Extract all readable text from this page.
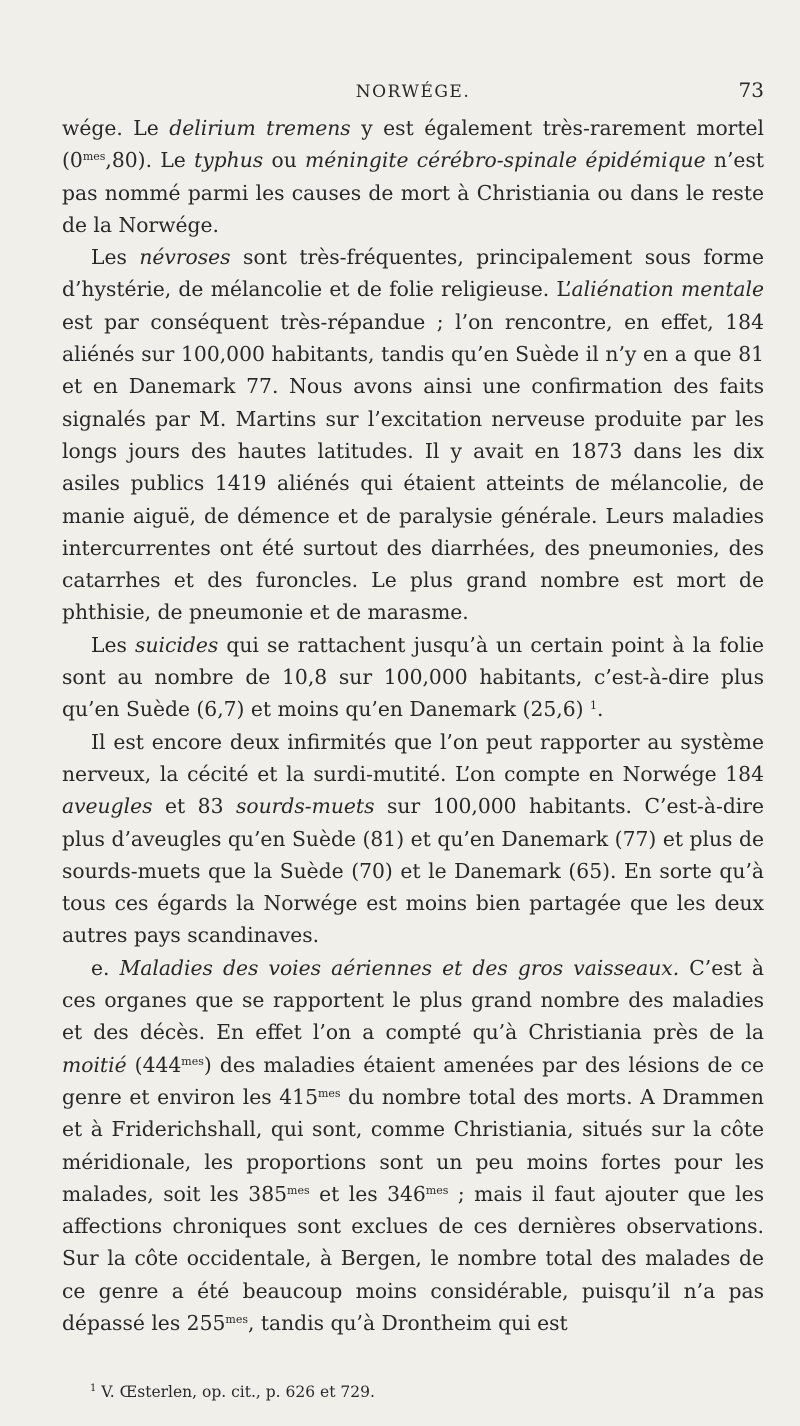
NORWÉGE.	73

wége. Le delirium tremens y est également très-rarement mortel $(0^{mes},80)$. Le typhus ou méningite cérébro-spinale épidémique n’est pas nommé parmi les causes de mort à Christiania ou dans le reste de la Norwége.

Les névroses sont très-fréquentes, principalement sous forme d’hystérie, de mélancolie et de folie religieuse. L’aliénation mentale est par conséquent très-répandue ; l’on rencontre, en effet, 184 aliénés sur 100,000 habitants, tandis qu’en Suède il n’y en a que 81 et en Danemark 77. Nous avons ainsi une confirmation des faits signalés par M. Martins sur l’excitation nerveuse produite par les longs jours des hautes latitudes. Il y avait en 1873 dans les dix asiles publics 1419 aliénés qui étaient atteints de mélancolie, de manie aiguë, de démence et de paralysie générale. Leurs maladies intercurrentes ont été surtout des diarrhées, des pneumonies, des catarrhes et des furoncles. Le plus grand nombre est mort de phthisie, de pneumonie et de marasme.

Les suicides qui se rattachent jusqu’à un certain point à la folie sont au nombre de 10,8 sur 100,000 habitants, c’est-à-dire plus qu’en Suède (6,7) et moins qu’en Danemark (25,6) $^1$.

Il est encore deux infirmités que l’on peut rapporter au système nerveux, la cécité et la surdi-mutité. L’on compte en Norwége 184 aveugles et 83 sourds-muets sur 100,000 habitants. C’est-à-dire plus d’aveugles qu’en Suède (81) et qu’en Danemark (77) et plus de sourds-muets que la Suède (70) et le Danemark (65). En sorte qu’à tous ces égards la Norwége est moins bien partagée que les deux autres pays scandinaves.

e. Maladies des voies aériennes et des gros vaisseaux. C’est à ces organes que se rapportent le plus grand nombre des maladies et des décès. En effet l’on a compté qu’à Christiania près de la moitié $(444^{mes})$ des maladies étaient amenées par des lésions de ce genre et environ les $415^{mes}$ du nombre total des morts. A Drammen et à Friderichshall, qui sont, comme Christiania, situés sur la côte méridionale, les proportions sont un peu moins fortes pour les malades, soit les $385^{mes}$ et les $346^{mes}$ ; mais il faut ajouter que les affections chroniques sont exclues de ces dernières observations. Sur la côte occidentale, à Bergen, le nombre total des malades de ce genre a été beaucoup moins considérable, puisqu’il n’a pas dépassé les $255^{mes}$, tandis qu’à Drontheim qui est

$^1$ V. Œsterlen, op. cit., p. 626 et 729.
